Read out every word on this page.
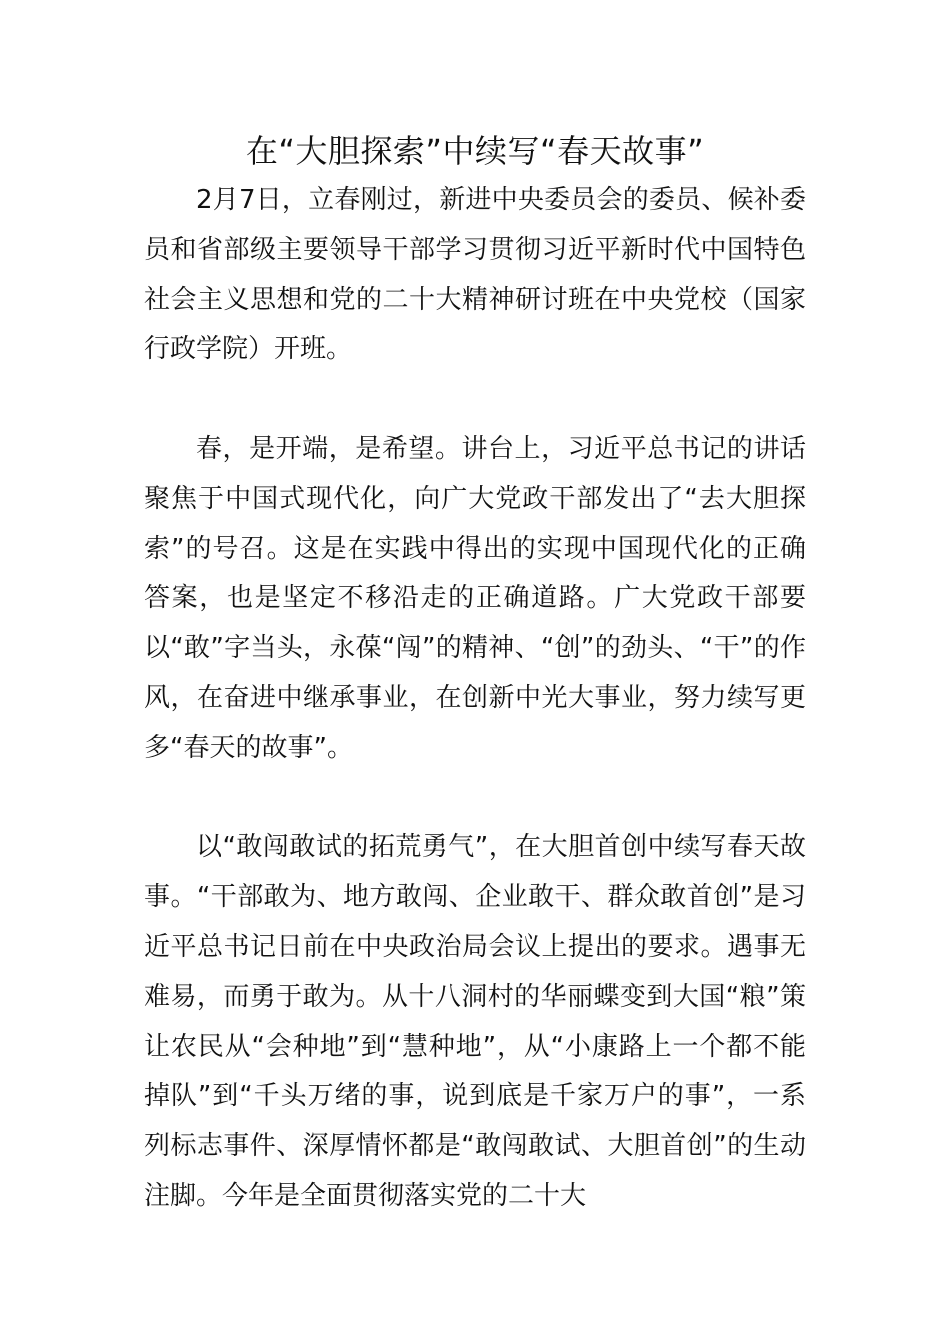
在“大胆探索”中续写“春天故事”

2月7日，立春刚过，新进中央委员会的委员、候补委员和省部级主要领导干部学习贯彻习近平新时代中国特色社会主义思想和党的二十大精神研讨班在中央党校（国家行政学院）开班。

春，是开端，是希望。讲台上，习近平总书记的讲话聚焦于中国式现代化，向广大党政干部发出了“去大胆探索”的号召。这是在实践中得出的实现中国现代化的正确答案，也是坚定不移沿走的正确道路。广大党政干部要以“敢”字当头，永葆“闯”的精神、“创”的劲头、“干”的作风，在奋进中继承事业，在创新中光大事业，努力续写更多“春天的故事”。

以“敢闯敢试的拓荒勇气”，在大胆首创中续写春天故事。“干部敢为、地方敢闯、企业敢干、群众敢首创”是习近平总书记日前在中央政治局会议上提出的要求。遇事无难易，而勇于敢为。从十八洞村的华丽蝶变到大国“粮”策让农民从“会种地”到“慧种地”，从“小康路上一个都不能掉队”到“千头万绪的事，说到底是千家万户的事”，一系列标志事件、深厚情怀都是“敢闯敢试、大胆首创”的生动注脚。今年是全面贯彻落实党的二十大
